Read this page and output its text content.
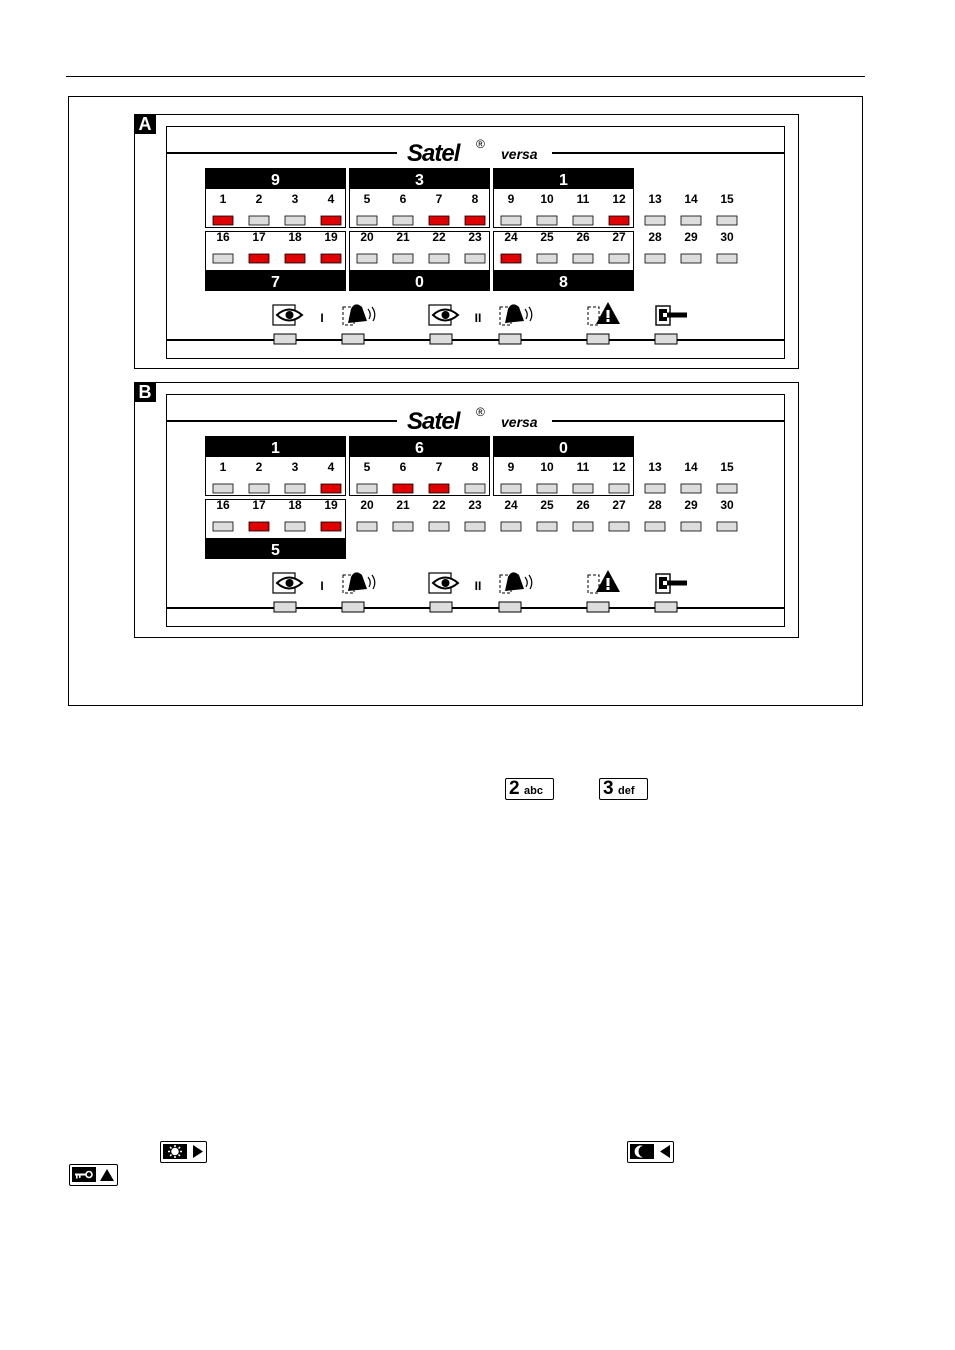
Satel ®
versa
9	3	1
7	0	8
1 2 3 4 5 6 7 8 9 10 11 12 13 14 15
16 17 18 19 20 21 22 23 24 25 26 27 28 29 30
I	II
A
Satel ®
versa
1	6	0
5
1 2 3 4 5 6 7 8 9 10 11 12 13 14 15
16 17 18 19 20 21 22 23 24 25 26 27 28 29 30
I	II
B
2 abc	3 def
